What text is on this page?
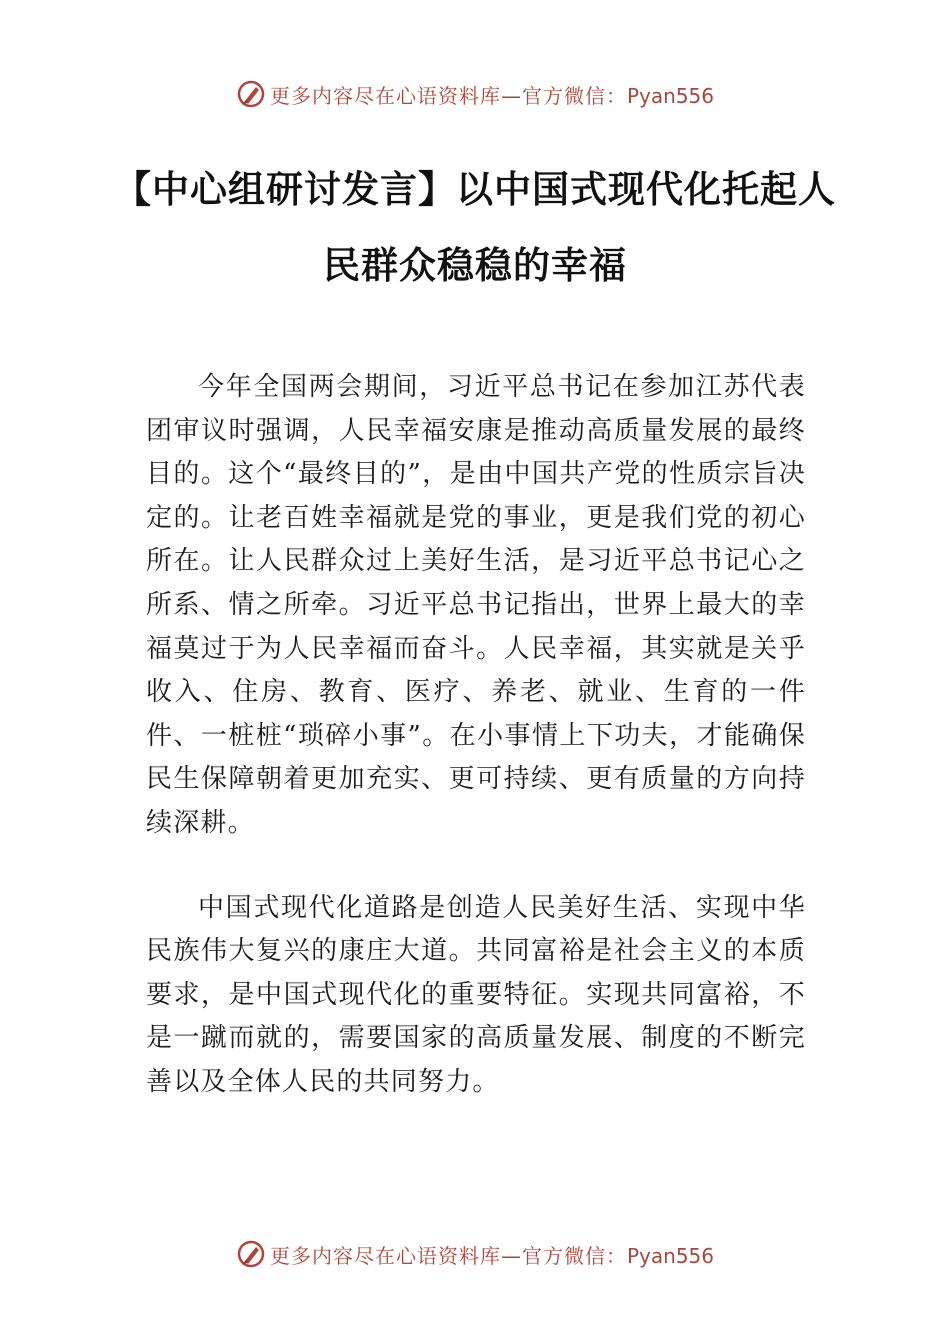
更多内容尽在心语资料库—官方微信：Pyan556
【中心组研讨发言】以中国式现代化托起人
民群众稳稳的幸福

今年全国两会期间，习近平总书记在参加江苏代表团审议时强调，人民幸福安康是推动高质量发展的最终目的。这个“最终目的”，是由中国共产党的性质宗旨决定的。让老百姓幸福就是党的事业，更是我们党的初心所在。让人民群众过上美好生活，是习近平总书记心之所系、情之所牵。习近平总书记指出，世界上最大的幸福莫过于为人民幸福而奋斗。人民幸福，其实就是关乎收入、住房、教育、医疗、养老、就业、生育的一件件、一桩桩“琐碎小事”。在小事情上下功夫，才能确保民生保障朝着更加充实、更可持续、更有质量的方向持续深耕。

中国式现代化道路是创造人民美好生活、实现中华民族伟大复兴的康庄大道。共同富裕是社会主义的本质要求，是中国式现代化的重要特征。实现共同富裕，不是一蹴而就的，需要国家的高质量发展、制度的不断完善以及全体人民的共同努力。

更多内容尽在心语资料库—官方微信：Pyan556
